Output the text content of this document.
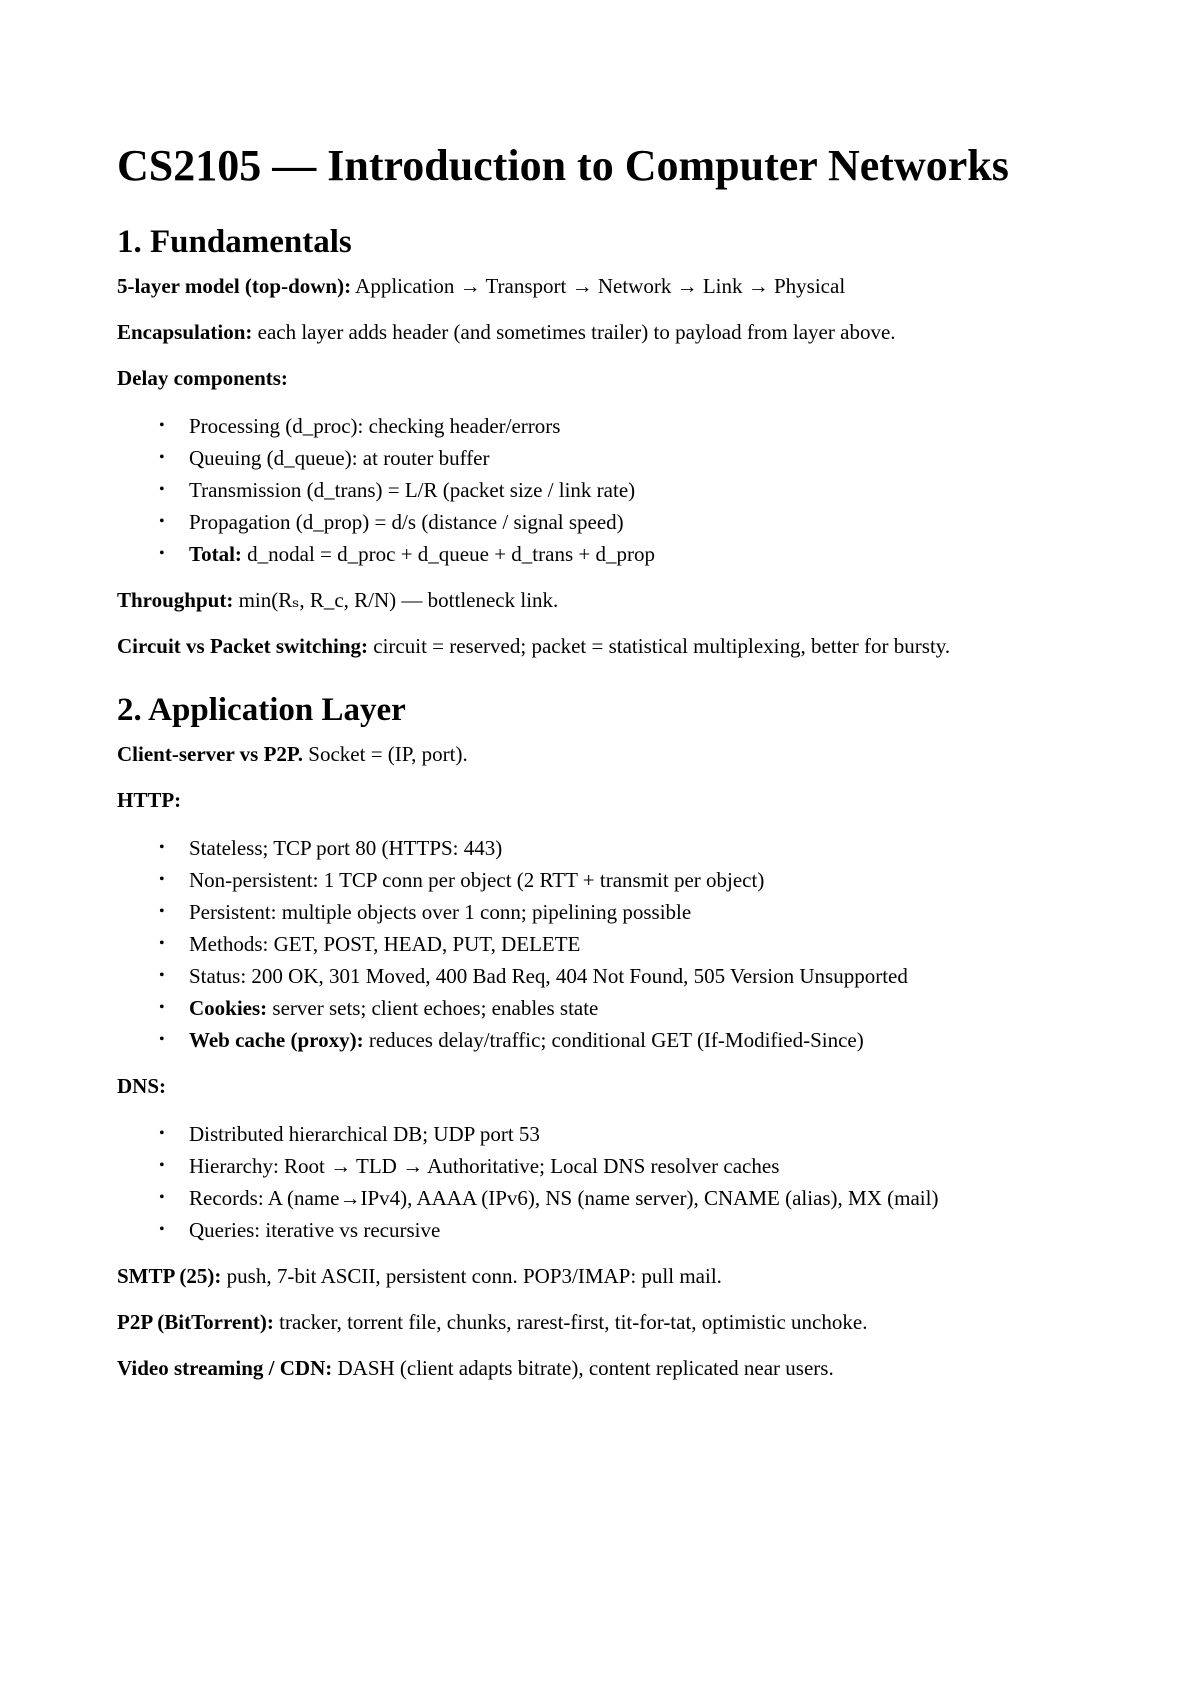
CS2105 — Introduction to Computer Networks
1. Fundamentals

5-layer model (top-down): Application → Transport → Network → Link → Physical

Encapsulation: each layer adds header (and sometimes trailer) to payload from layer above.

Delay components:

• Processing (d_proc): checking header/errors
• Queuing (d_queue): at router buffer
• Transmission (d_trans) = L/R (packet size / link rate)
• Propagation (d_prop) = d/s (distance / signal speed)
• Total: d_nodal = d_proc + d_queue + d_trans + d_prop

Throughput: min(Rₛ, R_c, R/N) — bottleneck link.

Circuit vs Packet switching: circuit = reserved; packet = statistical multiplexing, better for bursty.

2. Application Layer

Client-server vs P2P. Socket = (IP, port).

HTTP:

• Stateless; TCP port 80 (HTTPS: 443)
• Non-persistent: 1 TCP conn per object (2 RTT + transmit per object)
• Persistent: multiple objects over 1 conn; pipelining possible
• Methods: GET, POST, HEAD, PUT, DELETE
• Status: 200 OK, 301 Moved, 400 Bad Req, 404 Not Found, 505 Version Unsupported
• Cookies: server sets; client echoes; enables state
• Web cache (proxy): reduces delay/traffic; conditional GET (If-Modified-Since)

DNS:

• Distributed hierarchical DB; UDP port 53
• Hierarchy: Root → TLD → Authoritative; Local DNS resolver caches
• Records: A (name→IPv4), AAAA (IPv6), NS (name server), CNAME (alias), MX (mail)
• Queries: iterative vs recursive

SMTP (25): push, 7-bit ASCII, persistent conn. POP3/IMAP: pull mail.

P2P (BitTorrent): tracker, torrent file, chunks, rarest-first, tit-for-tat, optimistic unchoke.

Video streaming / CDN: DASH (client adapts bitrate), content replicated near users.
